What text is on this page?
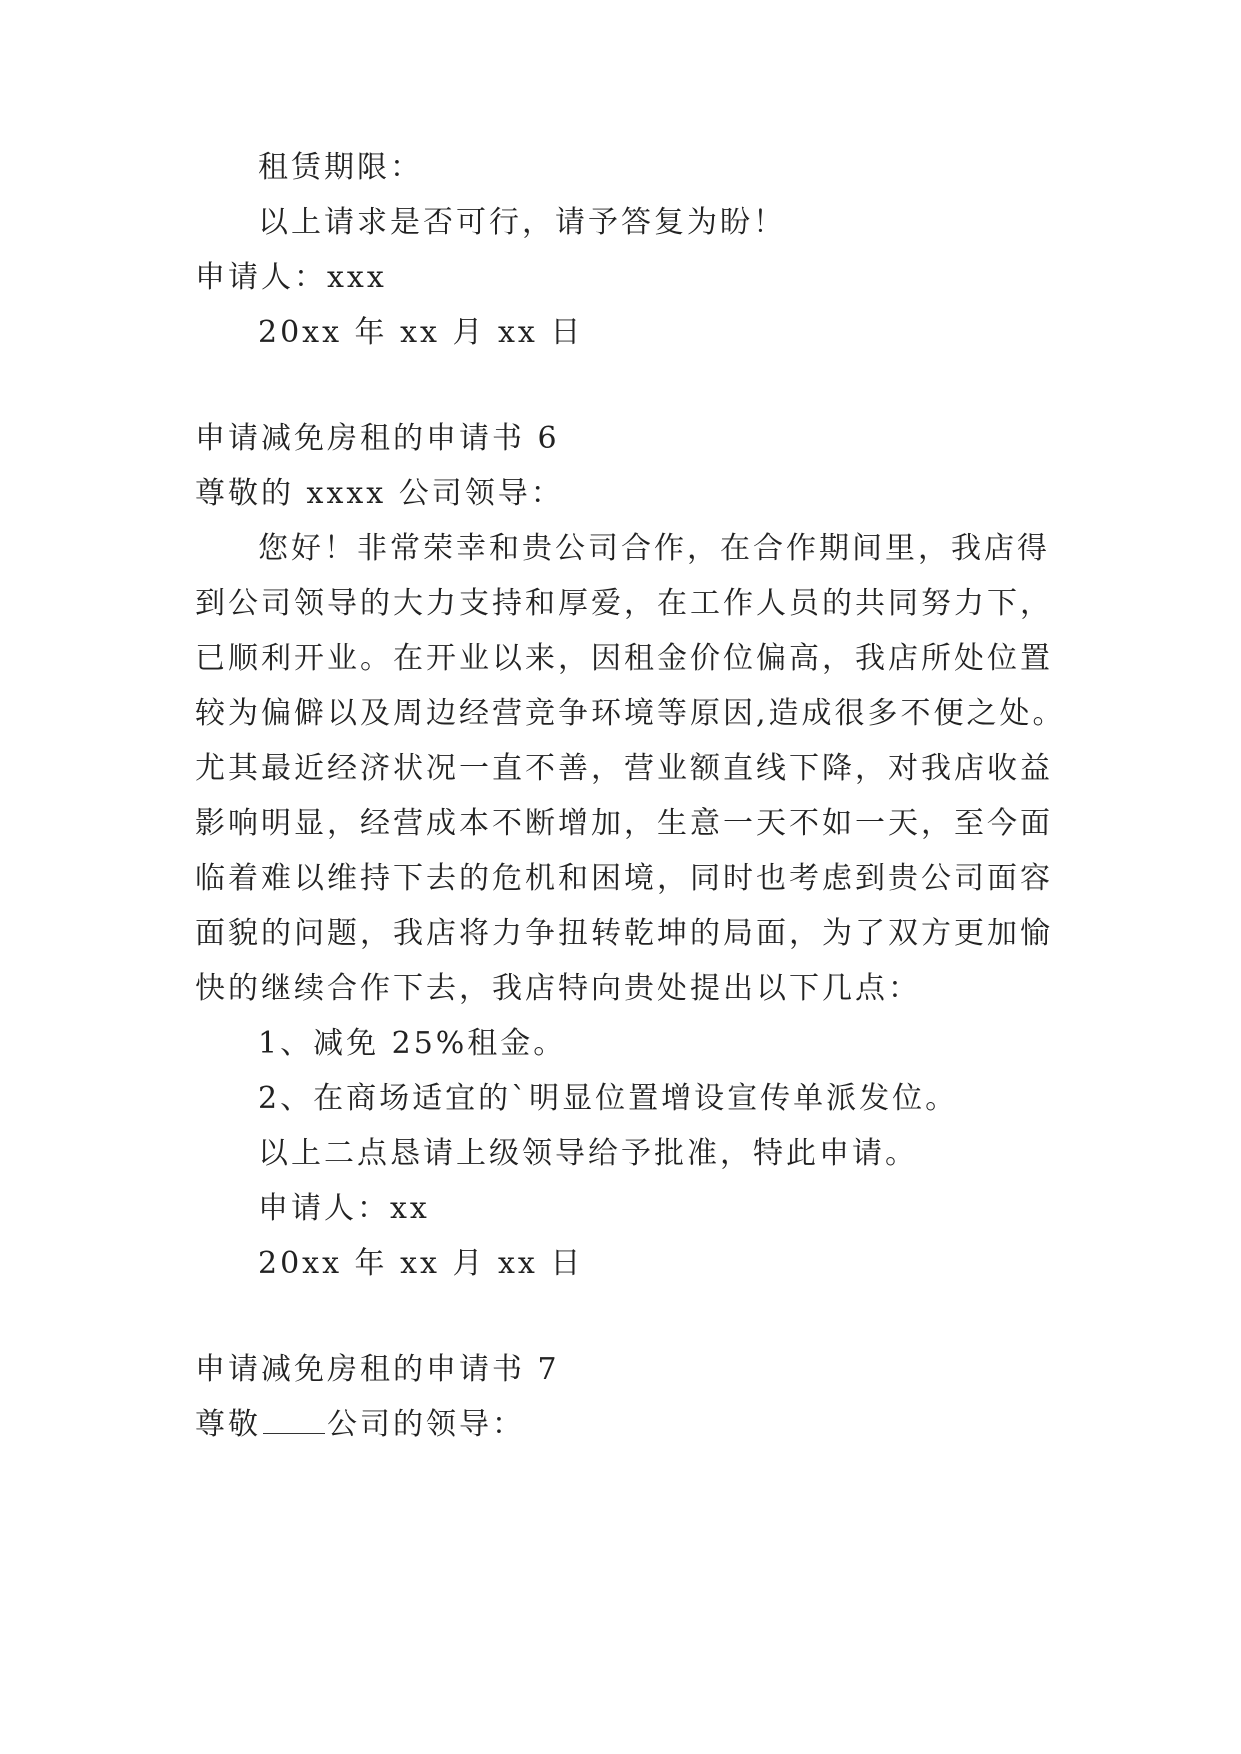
租赁期限：
以上请求是否可行，请予答复为盼！
申请人：xxx
20xx 年 xx 月 xx 日
申请减免房租的申请书 6
尊敬的 xxxx 公司领导：
您好！非常荣幸和贵公司合作，在合作期间里，我店得
到公司领导的大力支持和厚爱，在工作人员的共同努力下，
已顺利开业。在开业以来，因租金价位偏高，我店所处位置
较为偏僻以及周边经营竞争环境等原因,造成很多不便之处。
尤其最近经济状况一直不善，营业额直线下降，对我店收益
影响明显，经营成本不断增加，生意一天不如一天，至今面
临着难以维持下去的危机和困境，同时也考虑到贵公司面容
面貌的问题，我店将力争扭转乾坤的局面，为了双方更加愉
快的继续合作下去，我店特向贵处提出以下几点：
1、减免 25%租金。
2、在商场适宜的`明显位置增设宣传单派发位。
以上二点恳请上级领导给予批准，特此申请。
申请人：xx
20xx 年 xx 月 xx 日
申请减免房租的申请书 7
尊敬 公司的领导：
